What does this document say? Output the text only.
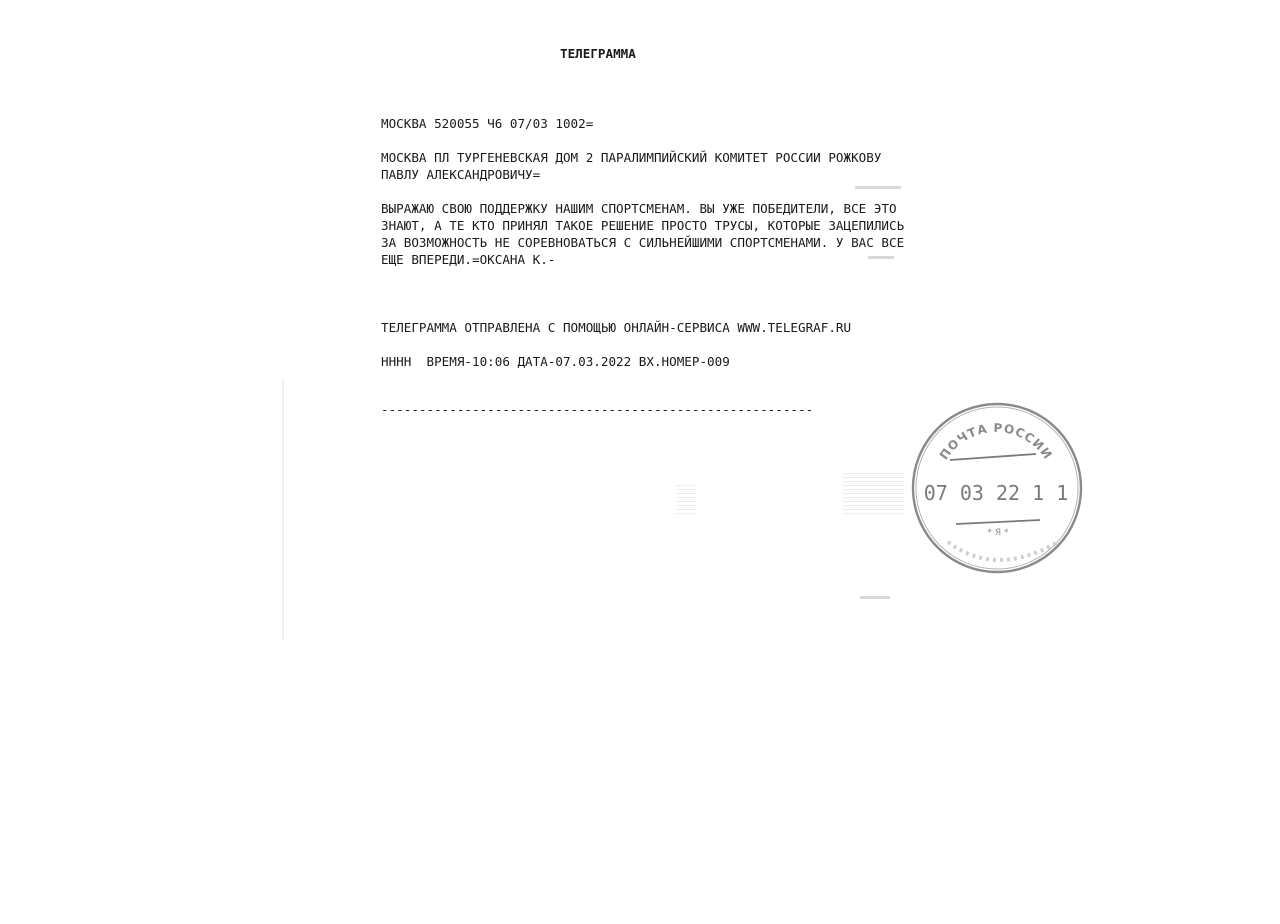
ТЕЛЕГРАММА
МОСКВА 520055 Ч6 07/03 1002=
МОСКВА ПЛ ТУРГЕНЕВСКАЯ ДОМ 2 ПАРАЛИМПИЙСКИЙ КОМИТЕТ РОССИИ РОЖКОВУ
ПАВЛУ АЛЕКСАНДРОВИЧУ=
ВЫРАЖАЮ СВОЮ ПОДДЕРЖКУ НАШИМ СПОРТСМЕНАМ. ВЫ УЖЕ ПОБЕДИТЕЛИ, ВСЕ ЭТО
ЗНАЮТ, А ТЕ КТО ПРИНЯЛ ТАКОЕ РЕШЕНИЕ ПРОСТО ТРУСЫ, КОТОРЫЕ ЗАЦЕПИЛИСЬ
ЗА ВОЗМОЖНОСТЬ НЕ СОРЕВНОВАТЬСЯ С СИЛЬНЕЙШИМИ СПОРТСМЕНАМИ. У ВАС ВСЕ
ЕЩЕ ВПЕРЕДИ.=ОКСАНА К.-
ТЕЛЕГРАММА ОТПРАВЛЕНА С ПОМОЩЬЮ ОНЛАЙН-СЕРВИСА WWW.TELEGRAF.RU
НННН  ВРЕМЯ-10:06 ДАТА-07.03.2022 ВХ.НОМЕР-009
---------------------------------------------------------
ПОЧТА РОССИИ
07 03 22 1 1
* Я *
